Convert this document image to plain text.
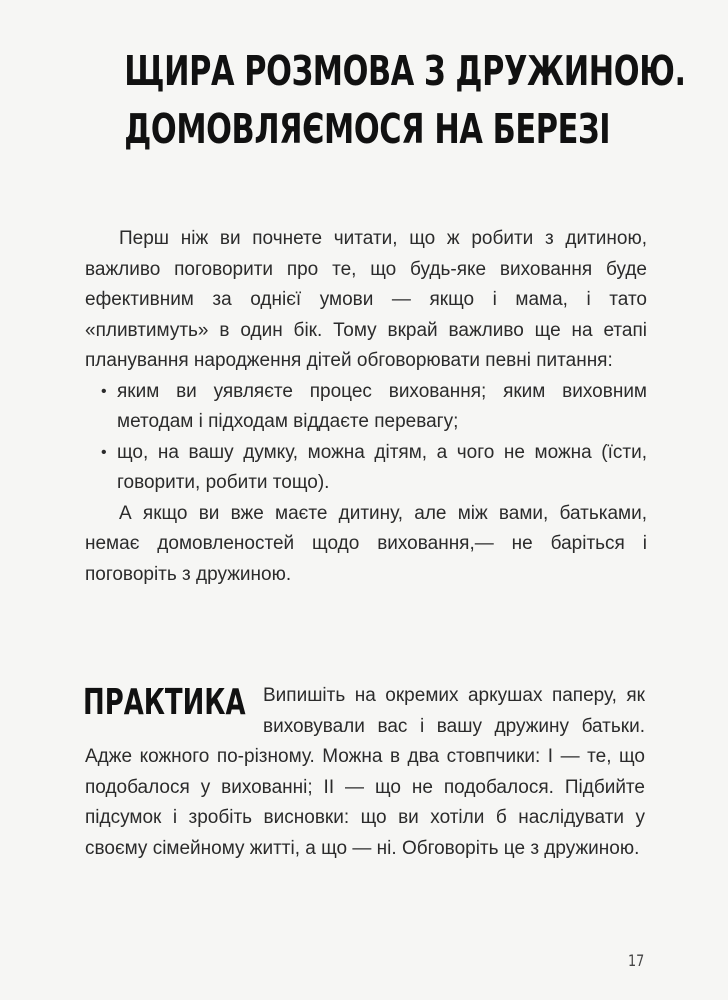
ЩИРА РОЗМОВА З ДРУЖИНОЮ.
ДОМОВЛЯЄМОСЯ НА БЕРЕЗІ

Перш ніж ви почнете читати, що ж робити з дитиною, важливо поговорити про те, що будь-яке виховання буде ефективним за однієї умови — якщо і мама, і тато «пливтимуть» в один бік. Тому вкрай важливо ще на етапі планування народження дітей обговорювати певні питання:

• яким ви уявляєте процес виховання; яким виховним методам і підходам віддаєте перевагу;
• що, на вашу думку, можна дітям, а чого не можна (їсти, говорити, робити тощо).

А якщо ви вже маєте дитину, але між вами, батьками, немає домовленостей щодо виховання,— не баріться і поговоріть з дружиною.

ПРАКТИКА Випишіть на окремих аркушах паперу, як виховували вас і вашу дружину батьки. Адже кожного по-різному. Можна в два стовпчики: I — те, що подобалося у вихованні; II — що не подобалося. Підбийте підсумок і зробіть висновки: що ви хотіли б наслідувати у своєму сімейному житті, а що — ні. Обговоріть це з дружиною.

17
